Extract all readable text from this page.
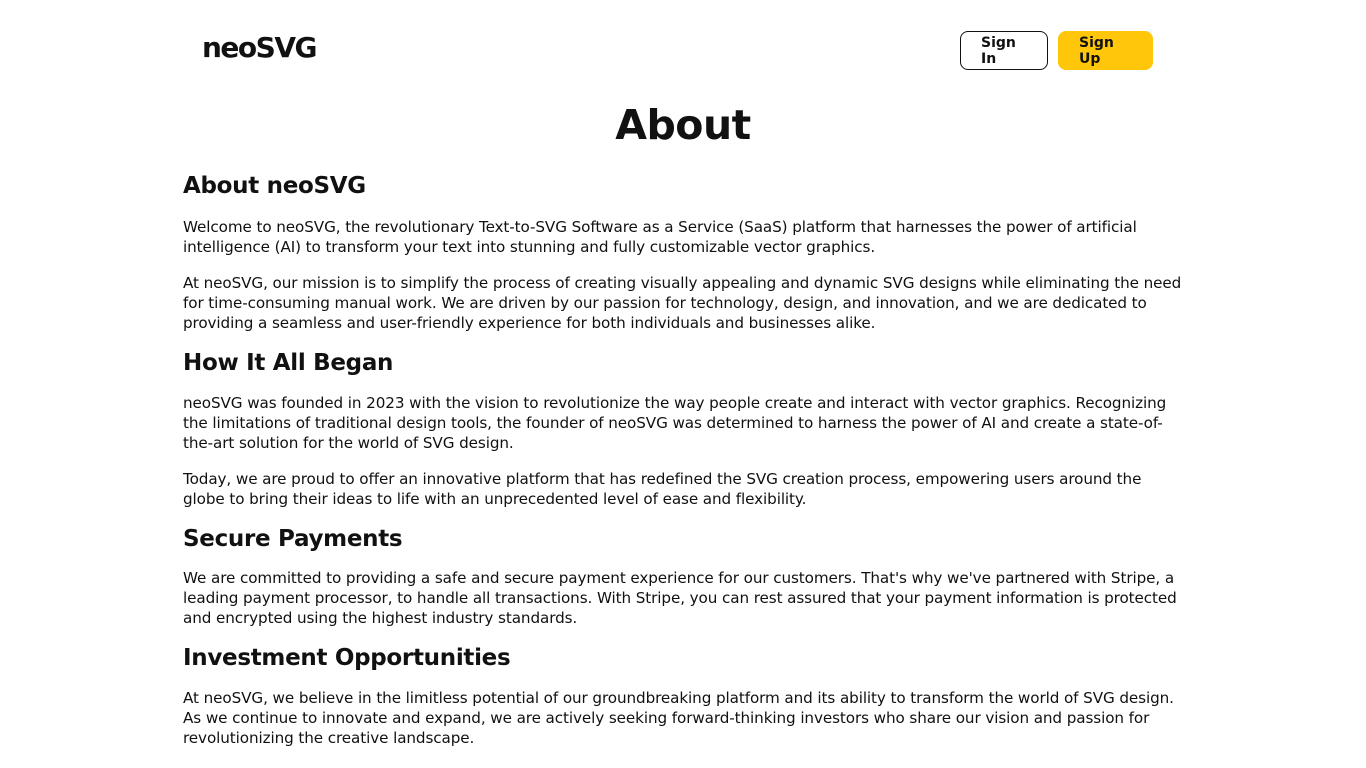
neoSVG	Sign In
Sign Up
About
About neoSVG

Welcome to neoSVG, the revolutionary Text-to-SVG Software as a Service (SaaS) platform that harnesses the power of artificial intelligence (AI) to transform your text into stunning and fully customizable vector graphics.

At neoSVG, our mission is to simplify the process of creating visually appealing and dynamic SVG designs while eliminating the need for time-consuming manual work. We are driven by our passion for technology, design, and innovation, and we are dedicated to providing a seamless and user-friendly experience for both individuals and businesses alike.

How It All Began

neoSVG was founded in 2023 with the vision to revolutionize the way people create and interact with vector graphics. Recognizing the limitations of traditional design tools, the founder of neoSVG was determined to harness the power of AI and create a state-of-the-art solution for the world of SVG design.

Today, we are proud to offer an innovative platform that has redefined the SVG creation process, empowering users around the globe to bring their ideas to life with an unprecedented level of ease and flexibility.

Secure Payments

We are committed to providing a safe and secure payment experience for our customers. That's why we've partnered with Stripe, a leading payment processor, to handle all transactions. With Stripe, you can rest assured that your payment information is protected and encrypted using the highest industry standards.

Investment Opportunities

At neoSVG, we believe in the limitless potential of our groundbreaking platform and its ability to transform the world of SVG design. As we continue to innovate and expand, we are actively seeking forward-thinking investors who share our vision and passion for revolutionizing the creative landscape.
